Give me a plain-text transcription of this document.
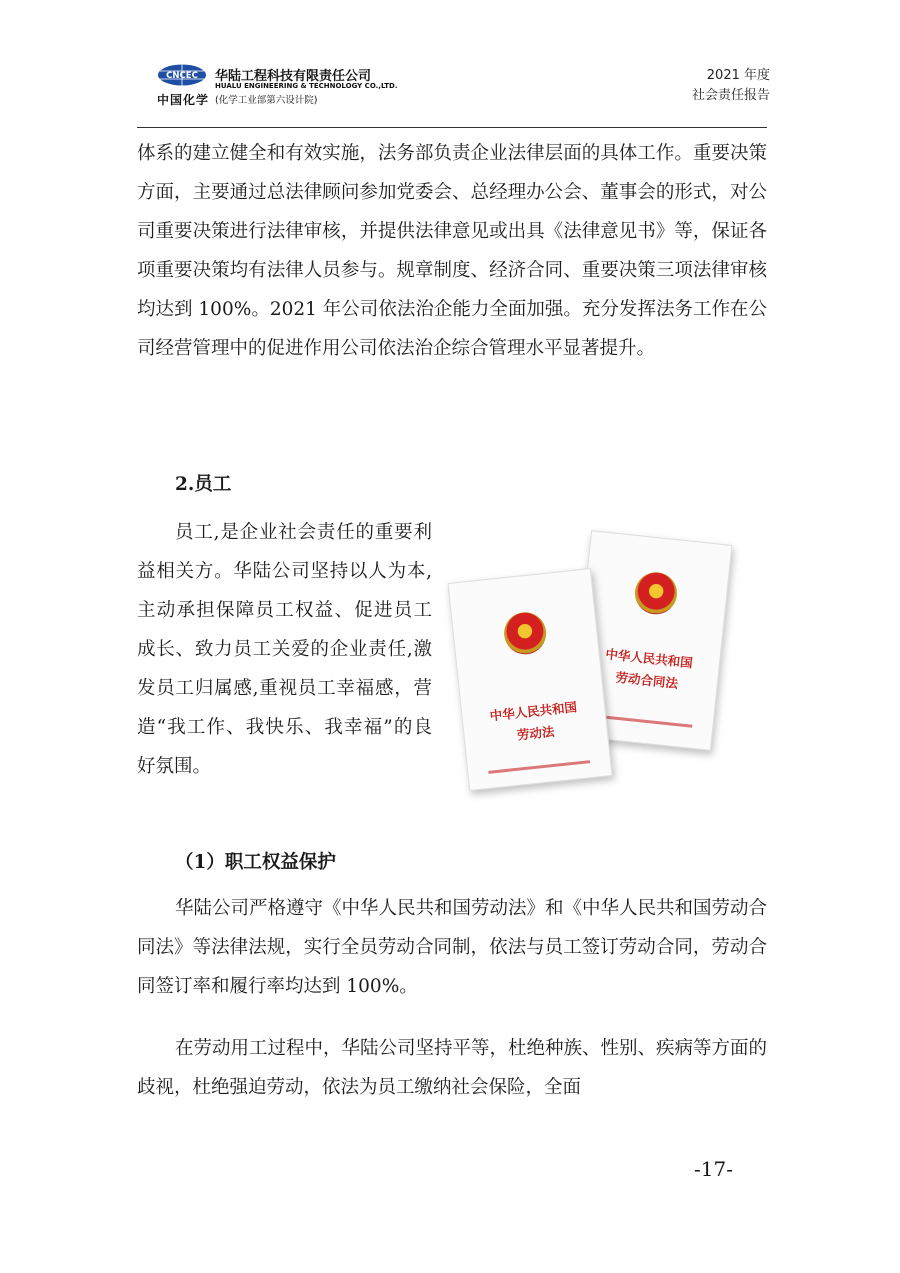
CNCEC
中国化学
华陆工程科技有限责任公司
HUALU ENGINEERING & TECHNOLOGY CO.,LTD.
(化学工业部第六设计院)
2021 年度
社会责任报告

体系的建立健全和有效实施，法务部负责企业法律层面的具体工作。重要决策方面，主要通过总法律顾问参加党委会、总经理办公会、董事会的形式，对公司重要决策进行法律审核，并提供法律意见或出具《法律意见书》等，保证各项重要决策均有法律人员参与。规章制度、经济合同、重要决策三项法律审核均达到 100%。2021 年公司依法治企能力全面加强。充分发挥法务工作在公司经营管理中的促进作用公司依法治企综合管理水平显著提升。

2.员工

员工,是企业社会责任的重要利益相关方。华陆公司坚持以人为本,主动承担保障员工权益、促进员工成长、致力员工关爱的企业责任,激发员工归属感,重视员工幸福感，营造“我工作、我快乐、我幸福”的良好氛围。

中华人民共和国
劳动合同法
中华人民共和国
劳动法

（1）职工权益保护

华陆公司严格遵守《中华人民共和国劳动法》和《中华人民共和国劳动合同法》等法律法规，实行全员劳动合同制，依法与员工签订劳动合同，劳动合同签订率和履行率均达到 100%。

在劳动用工过程中，华陆公司坚持平等，杜绝种族、性别、疾病等方面的歧视，杜绝强迫劳动，依法为员工缴纳社会保险，全面

-17-
